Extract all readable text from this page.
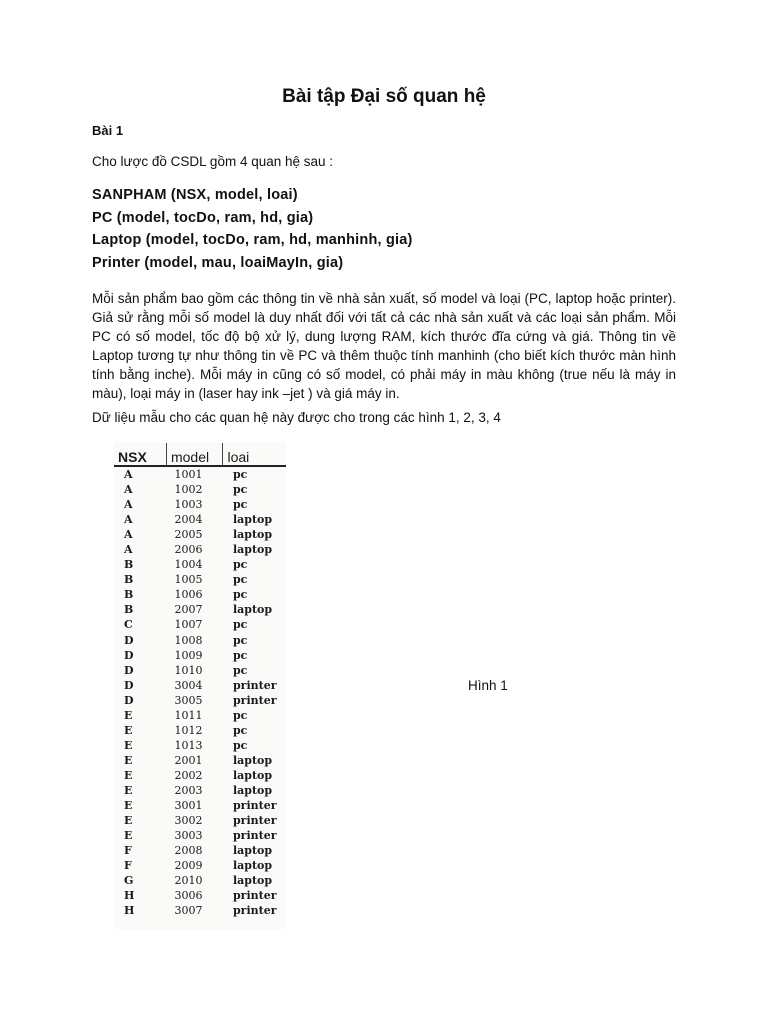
Bài tập Đại số quan hệ
Bài 1
Cho lược đồ CSDL gồm 4 quan hệ sau :
SANPHAM (NSX, model, loai)
PC (model, tocDo, ram, hd, gia)
Laptop (model, tocDo, ram, hd, manhinh, gia)
Printer (model, mau, loaiMayIn, gia)
Mỗi sản phẩm bao gồm các thông tin về nhà sản xuất, số model và loại (PC, laptop hoặc printer). Giả sử rằng mỗi số model là duy nhất đối với tất cả các nhà sản xuất và các loại sản phẩm. Mỗi PC có số model, tốc độ bộ xử lý, dung lượng RAM, kích thước đĩa cứng và giá. Thông tin về Laptop tương tự như thông tin về PC và thêm thuộc tính manhinh (cho biết kích thước màn hình tính bằng inche). Mỗi máy in cũng có số model, có phải máy in màu không (true nếu là máy in màu), loại máy in (laser hay ink –jet ) và giá máy in.
Dữ liệu mẫu cho các quan hệ này được cho trong các hình 1, 2, 3, 4
NSX	model	loai
A	1001	pc
A	1002	pc
A	1003	pc
A	2004	laptop
A	2005	laptop
A	2006	laptop
B	1004	pc
B	1005	pc
B	1006	pc
B	2007	laptop
C	1007	pc
D	1008	pc
D	1009	pc
D	1010	pc
D	3004	printer
D	3005	printer
E	1011	pc
E	1012	pc
E	1013	pc
E	2001	laptop
E	2002	laptop
E	2003	laptop
E	3001	printer
E	3002	printer
E	3003	printer
F	2008	laptop
F	2009	laptop
G	2010	laptop
H	3006	printer
H	3007	printer
Hình 1
